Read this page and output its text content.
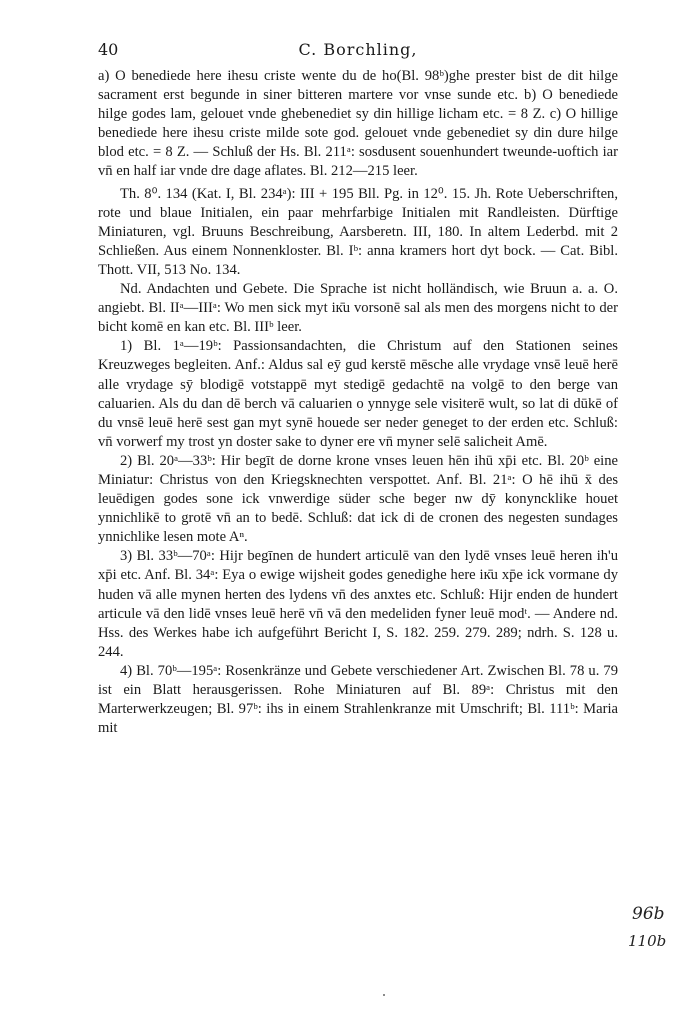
40	C. Borchling,

a) O benediede here ihesu criste wente du de ho(Bl. 98ᵇ)ghe prester bist de dit hilge sacrament erst begunde in siner bitteren martere vor vnse sunde etc. b) O benediede hilge godes lam, gelouet vnde ghebenediet sy din hillige licham etc. = 8 Z. c) O hillige benediede here ihesu criste milde sote god. gelouet vnde gebenediet sy din dure hilge blod etc. = 8 Z. — Schluß der Hs. Bl. 211ᵃ: sosdusent souenhundert tweunde-uoftich iar vn̄ en half iar vnde dre dage aflates. Bl. 212—215 leer.

Th. 8⁰. 134 (Kat. I, Bl. 234ᵃ): III + 195 Bll. Pg. in 12⁰. 15. Jh. Rote Ueberschriften, rote und blaue Initialen, ein paar mehrfarbige Initialen mit Randleisten. Dürftige Miniaturen, vgl. Bruuns Beschreibung, Aarsberetn. III, 180. In altem Lederbd. mit 2 Schließen. Aus einem Nonnenkloster. Bl. Iᵇ: anna kramers hort dyt bock. — Cat. Bibl. Thott. VII, 513 No. 134.

Nd. Andachten und Gebete. Die Sprache ist nicht holländisch, wie Bruun a. a. O. angiebt. Bl. IIᵃ—IIIᵃ: Wo men sick myt iк̄u vorsonē sal als men des morgens nicht to der bicht komē en kan etc. Bl. IIIᵇ leer.

1) Bl. 1ᵃ—19ᵇ: Passionsandachten, die Christum auf den Stationen seines Kreuzweges begleiten. Anf.: Aldus sal eȳ gud kerstē mēsche alle vrydage vnsē leuē herē alle vrydage sȳ blodigē votstappē myt stedigē gedachtē na volgē to den berge van caluarien. Als du dan dē berch vā caluarien o ynnyge sele visiterē wult, so lat di dūkē of du vnsē leuē herē sest gan myt synē houede ser neder geneget to der erden etc. Schluß: vn̄ vorwerf my trost yn doster sake to dyner ere vn̄ myner selē salicheit Amē.

2) Bl. 20ᵃ—33ᵇ: Hir begīt de dorne krone vnses leuen hēn ihū xp̄i etc. Bl. 20ᵇ eine Miniatur: Christus von den Kriegsknechten verspottet. Anf. Bl. 21ᵃ: O hē ihū x̄ des leuēdigen godes sone ick vnwerdige süder sche beger nw dȳ konyncklike houet ynnichlikē to grotē vn̄ an to bedē. Schluß: dat ick di de cronen des negesten sundages ynnichlike lesen mote Aⁿ.

3) Bl. 33ᵇ—70ᵃ: Hijr begīnen de hundert articulē van den lydē vnses leuē heren ih'u xp̄i etc. Anf. Bl. 34ᵃ: Eya o ewige wijsheit godes genedighe here iк̄u xp̄e ick vormane dy huden vā alle mynen herten des lydens vn̄ des anxtes etc. Schluß: Hijr enden de hundert articule vā den lidē vnses leuē herē vn̄ vā den medeliden fyner leuē modᵗ. — Andere nd. Hss. des Werkes habe ich aufgeführt Bericht I, S. 182. 259. 279. 289; ndrh. S. 128 u. 244.

4) Bl. 70ᵇ—195ᵃ: Rosenkränze und Gebete verschiedener Art. Zwischen Bl. 78 u. 79 ist ein Blatt herausgerissen. Rohe Miniaturen auf Bl. 89ᵃ: Christus mit den Marterwerkzeugen; Bl. 97ᵇ: ihs in einem Strahlenkranze mit Umschrift; Bl. 111ᵇ: Maria mit

96b
110b
